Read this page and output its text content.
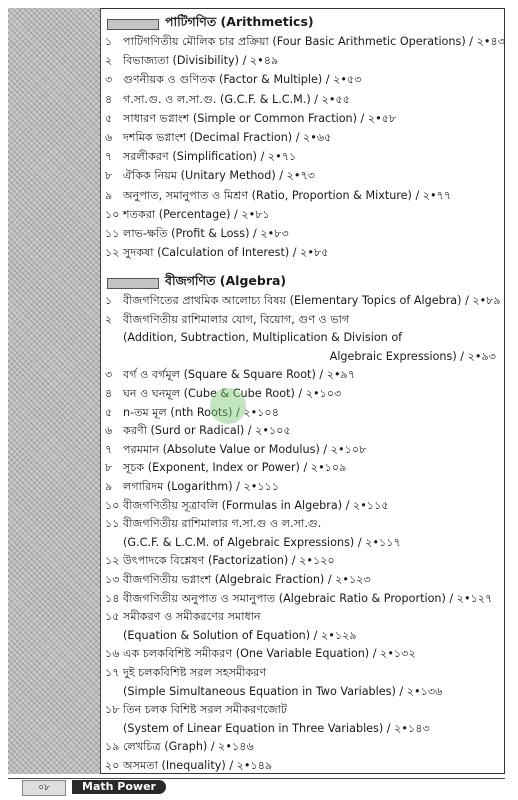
পাটিগণিত (Arithmetics)
১ পাটিগণিতীয় মৌলিক চার প্রক্রিয়া (Four Basic Arithmetic Operations) / ২•৪৩
২ বিভাজ্যতা (Divisibility) / ২•৪৯
৩ গুণনীয়ক ও গুণিতক (Factor & Multiple) / ২•৫৩
৪ গ.সা.গু. ও ল.সা.গু. (G.C.F. & L.C.M.) / ২•৫৫
৫ সাধারণ ভগ্নাংশ (Simple or Common Fraction) / ২•৫৮
৬ দশমিক ভগ্নাংশ (Decimal Fraction) / ২•৬৫
৭ সরলীকরণ (Simplification) / ২•৭১
৮ ঐকিক নিয়ম (Unitary Method) / ২•৭৩
৯ অনুপাত, সমানুপাত ও মিশ্রণ (Ratio, Proportion & Mixture) / ২•৭৭
১০ শতকরা (Percentage) / ২•৮১
১১ লাভ-ক্ষতি (Profit & Loss) / ২•৮৩
১২ সুদকষা (Calculation of Interest) / ২•৮৫
বীজগণিত (Algebra)
১ বীজগণিতের প্রাথমিক আলোচ্য বিষয় (Elementary Topics of Algebra) / ২•৮৯
২ বীজগণিতীয় রাশিমালার যোগ, বিয়োগ, গুণ ও ভাগ
(Addition, Subtraction, Multiplication & Division of
Algebraic Expressions) / ২•৯৩
৩ বর্গ ও বর্গমূল (Square & Square Root) / ২•৯৭
৪ ঘন ও ঘনমূল (Cube & Cube Root) / ২•১০৩
৫ n-তম মূল (nth Roots) / ২•১০৪
৬ করণী (Surd or Radical) / ২•১০৫
৭ পরমমান (Absolute Value or Modulus) / ২•১০৮
৮ সূচক (Exponent, Index or Power) / ২•১০৯
৯ লগারিদম (Logarithm) / ২•১১১
১০ বীজগণিতীয় সূত্রাবলি (Formulas in Algebra) / ২•১১৫
১১ বীজগণিতীয় রাশিমালার গ.সা.গু ও ল.সা.গু.
(G.C.F. & L.C.M. of Algebraic Expressions) / ২•১১৭
১২ উৎপাদকে বিশ্লেষণ (Factorization) / ২•১২০
১৩ বীজগণিতীয় ভগ্নাংশ (Algebraic Fraction) / ২•১২৩
১৪ বীজগণিতীয় অনুপাত ও সমানুপাত (Algebraic Ratio & Proportion) / ২•১২৭
১৫ সমীকরণ ও সমীকরণের সমাধান
(Equation & Solution of Equation) / ২•১২৯
১৬ এক চলকবিশিষ্ট সমীকরণ (One Variable Equation) / ২•১৩২
১৭ দুই চলকবিশিষ্ট সরল সহসমীকরণ
(Simple Simultaneous Equation in Two Variables) / ২•১৩৬
১৮ তিন চলক বিশিষ্ট সরল সমীকরণজোট
(System of Linear Equation in Three Variables) / ২•১৪৩
১৯ লেখচিত্র (Graph) / ২•১৪৬
২০ অসমতা (Inequality) / ২•১৪৯
০৮	Math Power
